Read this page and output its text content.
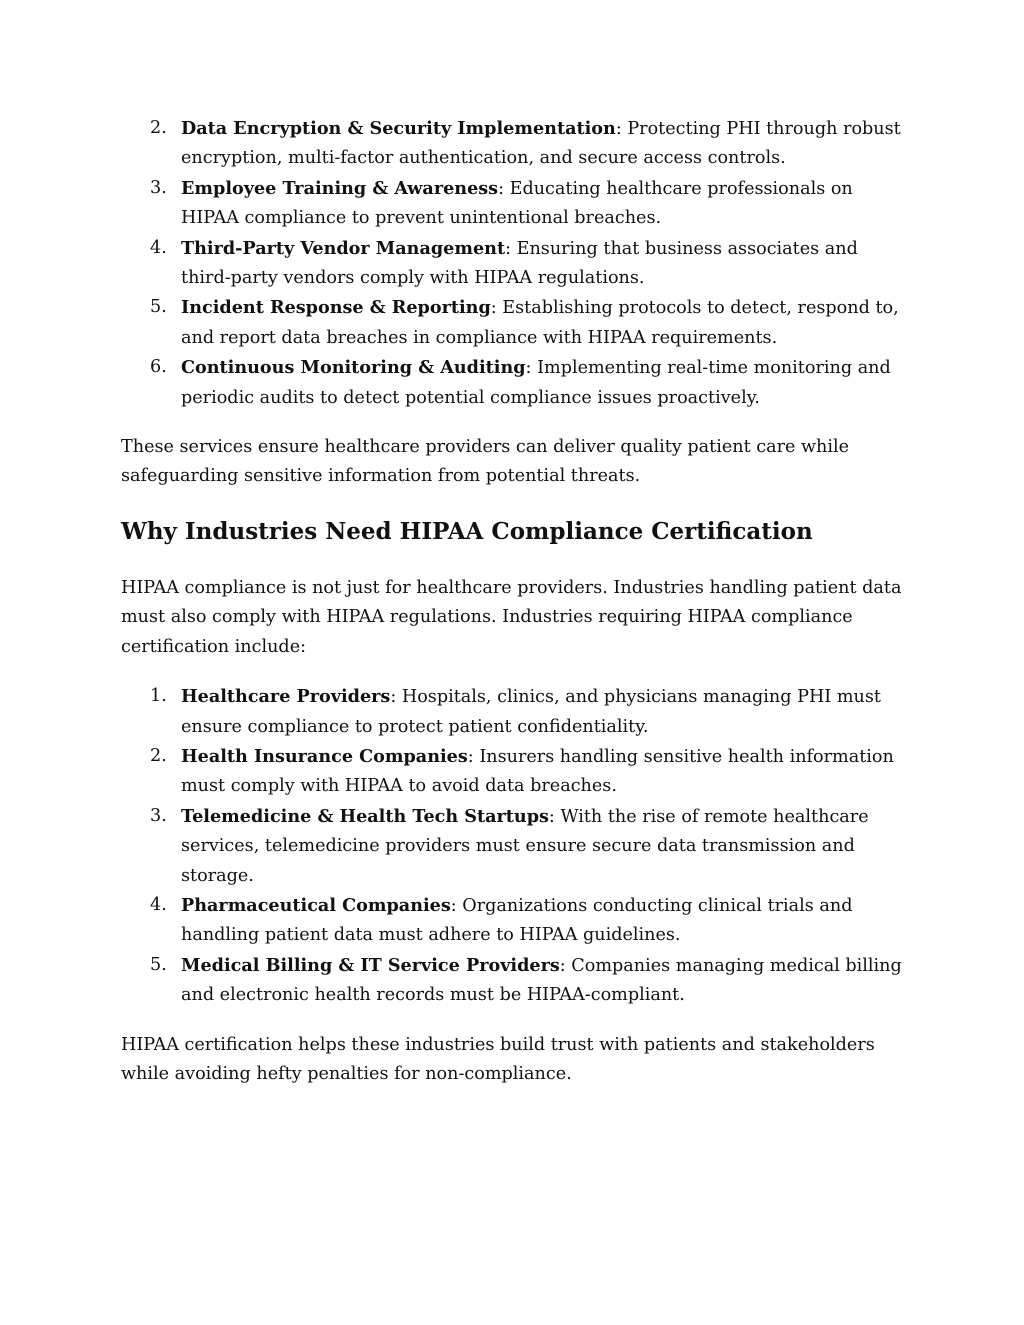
2. Data Encryption & Security Implementation: Protecting PHI through robust encryption, multi-factor authentication, and secure access controls.
3. Employee Training & Awareness: Educating healthcare professionals on HIPAA compliance to prevent unintentional breaches.
4. Third-Party Vendor Management: Ensuring that business associates and third-party vendors comply with HIPAA regulations.
5. Incident Response & Reporting: Establishing protocols to detect, respond to, and report data breaches in compliance with HIPAA requirements.
6. Continuous Monitoring & Auditing: Implementing real-time monitoring and periodic audits to detect potential compliance issues proactively.

These services ensure healthcare providers can deliver quality patient care while safeguarding sensitive information from potential threats.

Why Industries Need HIPAA Compliance Certification

HIPAA compliance is not just for healthcare providers. Industries handling patient data must also comply with HIPAA regulations. Industries requiring HIPAA compliance certification include:

1. Healthcare Providers: Hospitals, clinics, and physicians managing PHI must ensure compliance to protect patient confidentiality.
2. Health Insurance Companies: Insurers handling sensitive health information must comply with HIPAA to avoid data breaches.
3. Telemedicine & Health Tech Startups: With the rise of remote healthcare services, telemedicine providers must ensure secure data transmission and storage.
4. Pharmaceutical Companies: Organizations conducting clinical trials and handling patient data must adhere to HIPAA guidelines.
5. Medical Billing & IT Service Providers: Companies managing medical billing and electronic health records must be HIPAA-compliant.

HIPAA certification helps these industries build trust with patients and stakeholders while avoiding hefty penalties for non-compliance.
